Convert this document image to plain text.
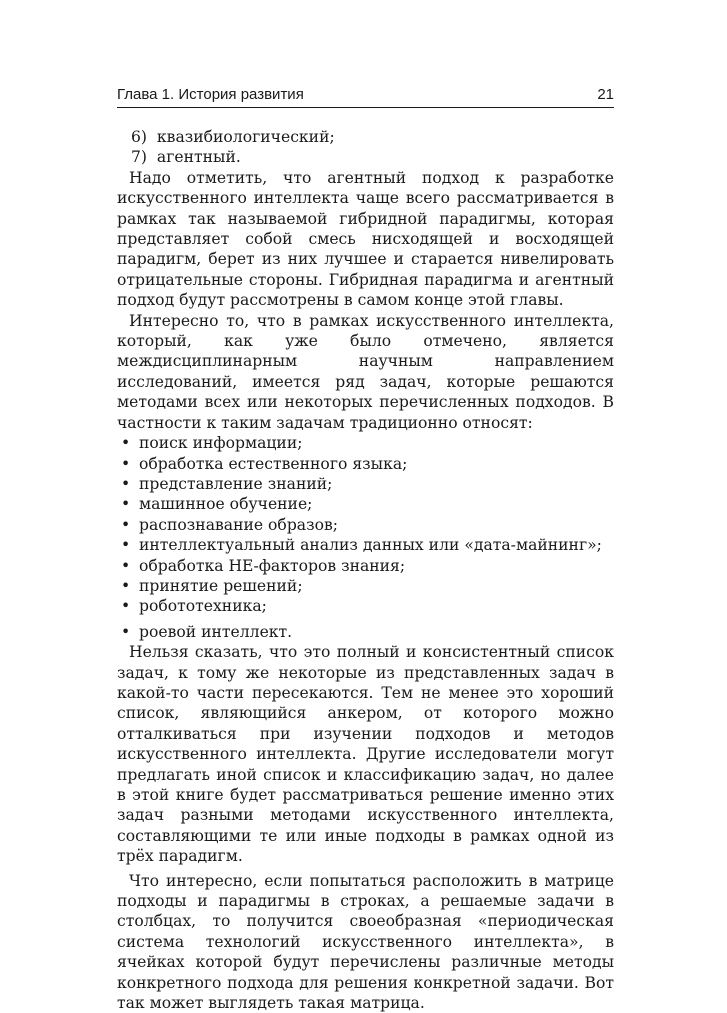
Глава 1. История развития	21
6)  квазибиологический;
7)  агентный.

Надо отметить, что агентный подход к разработке искусственного интеллекта чаще всего рассматривается в рамках так называемой гибридной парадигмы, которая представляет собой смесь нисходящей и восходящей парадигм, берет из них лучшее и старается нивелировать отрицательные стороны. Гибридная парадигма и агентный подход будут рассмотрены в самом конце этой главы.

Интересно то, что в рамках искусственного интеллекта, который, как уже было отмечено, является междисциплинарным научным направлением исследований, имеется ряд задач, которые решаются методами всех или некоторых перечисленных подходов. В частности к таким задачам традиционно относят:

• поиск информации;
• обработка естественного языка;
• представление знаний;
• машинное обучение;
• распознавание образов;
• интеллектуальный анализ данных или «дата-майнинг»;
• обработка НЕ-факторов знания;
• принятие решений;
• робототехника;
• роевой интеллект.

Нельзя сказать, что это полный и консистентный список задач, к тому же некоторые из представленных задач в какой-то части пересекаются. Тем не менее это хороший список, являющийся анкером, от которого можно отталкиваться при изучении подходов и методов искусственного интеллекта. Другие исследователи могут предлагать иной список и классификацию задач, но далее в этой книге будет рассматриваться решение именно этих задач разными методами искусственного интеллекта, составляющими те или иные подходы в рамках одной из трёх парадигм.

Что интересно, если попытаться расположить в матрице подходы и парадигмы в строках, а решаемые задачи в столбцах, то получится своеобразная «периодическая система технологий искусственного интеллекта», в ячейках которой будут перечислены различные методы конкретного подхода для решения конкретной задачи. Вот так может выглядеть такая матрица.
